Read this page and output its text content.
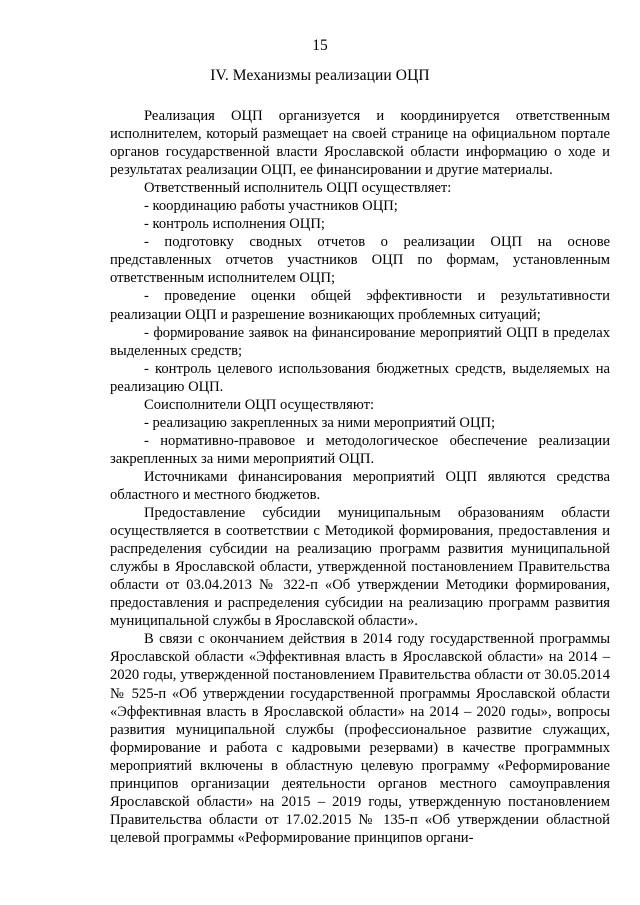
15
IV. Механизмы реализации ОЦП

Реализация ОЦП организуется и координируется ответственным исполнителем, который размещает на своей странице на официальном портале органов государственной власти Ярославской области информацию о ходе и результатах реализации ОЦП, ее финансировании и другие материалы.

Ответственный исполнитель ОЦП осуществляет:

- координацию работы участников ОЦП;

- контроль исполнения ОЦП;

- подготовку сводных отчетов о реализации ОЦП на основе представленных отчетов участников ОЦП по формам, установленным ответственным исполнителем ОЦП;

- проведение оценки общей эффективности и результативности реализации ОЦП и разрешение возникающих проблемных ситуаций;

- формирование заявок на финансирование мероприятий ОЦП в пределах выделенных средств;

- контроль целевого использования бюджетных средств, выделяемых на реализацию ОЦП.

Соисполнители ОЦП осуществляют:

- реализацию закрепленных за ними мероприятий ОЦП;

- нормативно-правовое и методологическое обеспечение реализации закрепленных за ними мероприятий ОЦП.

Источниками финансирования мероприятий ОЦП являются средства областного и местного бюджетов.

Предоставление субсидии муниципальным образованиям области осуществляется в соответствии с Методикой формирования, предоставления и распределения субсидии на реализацию программ развития муниципальной службы в Ярославской области, утвержденной постановлением Правительства области от 03.04.2013 № 322-п «Об утверждении Методики формирования, предоставления и распределения субсидии на реализацию программ развития муниципальной службы в Ярославской области».

В связи с окончанием действия в 2014 году государственной программы Ярославской области «Эффективная власть в Ярославской области» на 2014 – 2020 годы, утвержденной постановлением Правительства области от 30.05.2014 № 525-п «Об утверждении государственной программы Ярославской области «Эффективная власть в Ярославской области» на 2014 – 2020 годы», вопросы развития муниципальной службы (профессиональное развитие служащих, формирование и работа с кадровыми резервами) в качестве программных мероприятий включены в областную целевую программу «Реформирование принципов организации деятельности органов местного самоуправления Ярославской области» на 2015 – 2019 годы, утвержденную постановлением Правительства области от 17.02.2015 № 135-п «Об утверждении областной целевой программы «Реформирование принципов органи-
